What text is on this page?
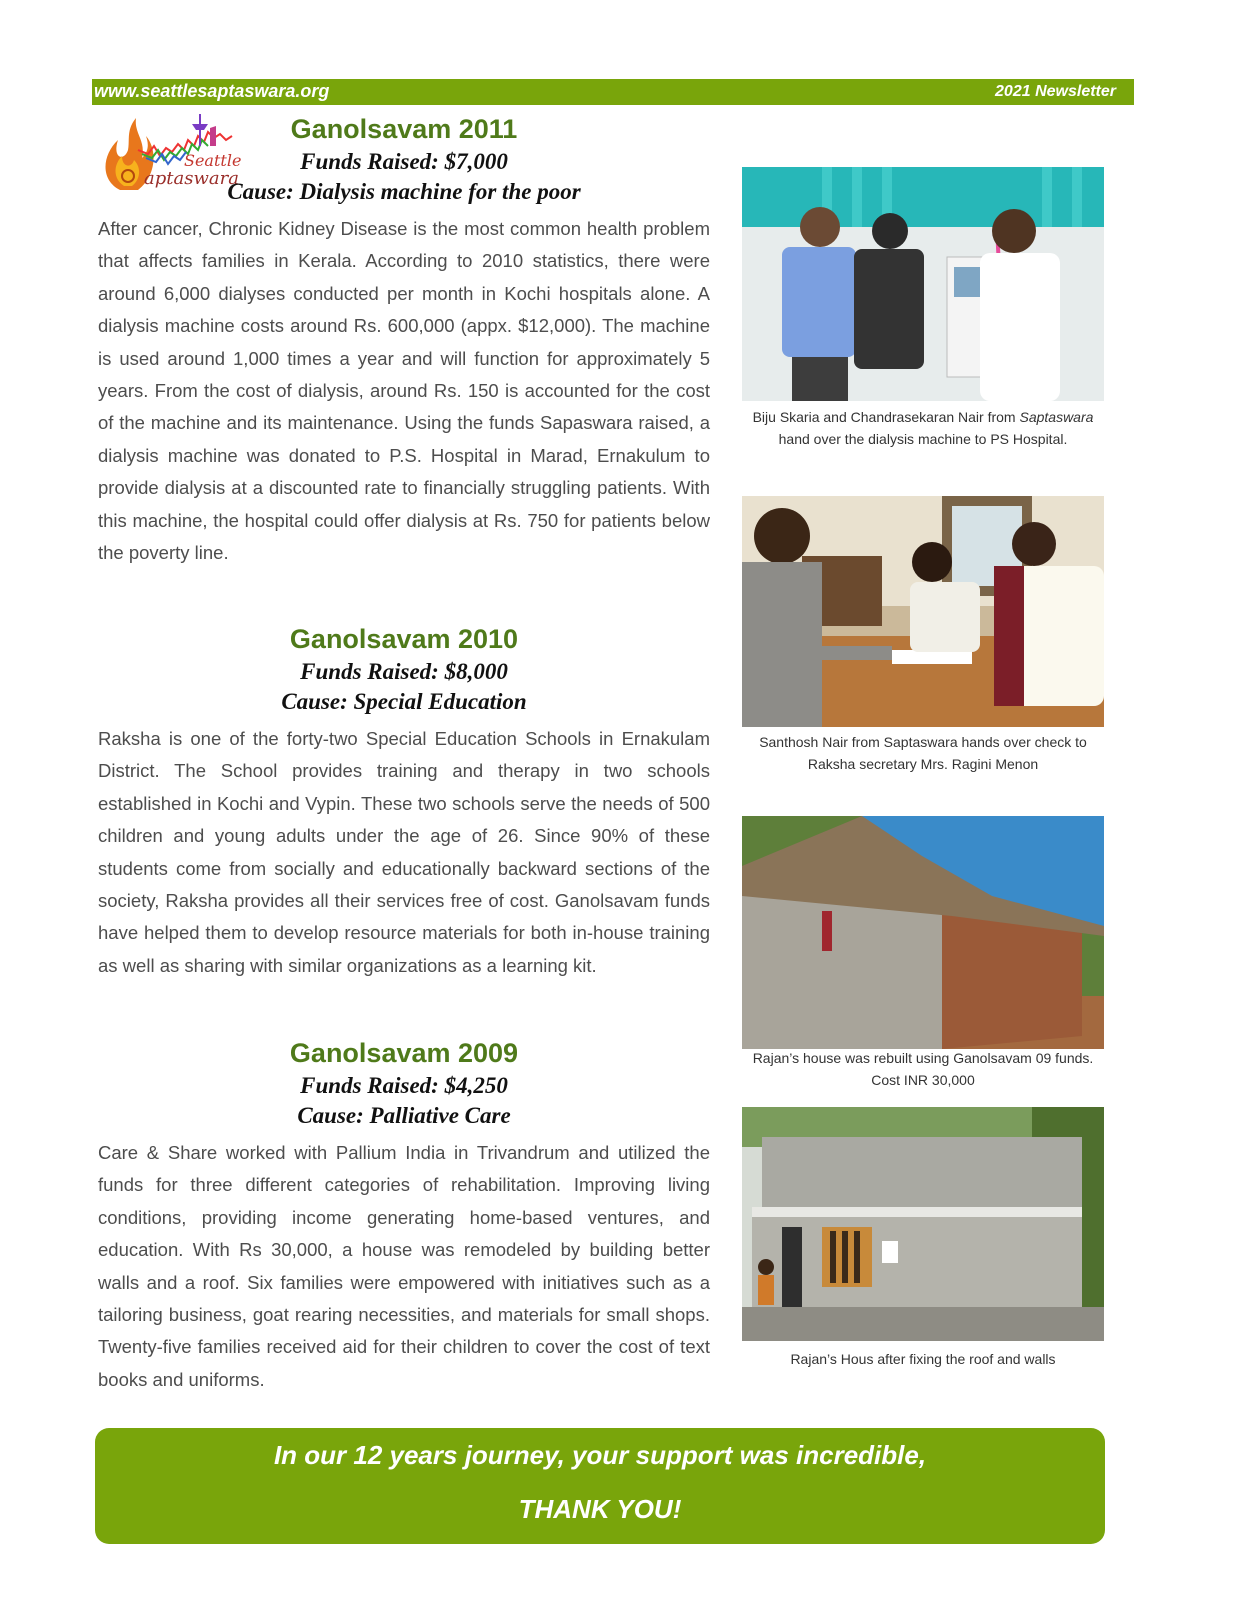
www.seattlesaptaswara.org	2021 Newsletter
Seattle
aptaswara
Ganolsavam 2011
Funds Raised: $7,000
Cause: Dialysis machine for the poor

After cancer, Chronic Kidney Disease is the most common health problem that affects families in Kerala. According to 2010 statistics, there were around 6,000 dialyses conducted per month in Kochi hospitals alone. A dialysis machine costs around Rs. 600,000 (appx. $12,000). The machine is used around 1,000 times a year and will function for approximately 5 years. From the cost of dialysis, around Rs. 150 is accounted for the cost of the machine and its maintenance. Using the funds Sapaswara raised, a dialysis machine was donated to P.S. Hospital in Marad, Ernakulum to provide dialysis at a discounted rate to financially struggling patients. With this machine, the hospital could offer dialysis at Rs. 750 for patients below the poverty line.

Ganolsavam 2010
Funds Raised: $8,000
Cause: Special Education

Raksha is one of the forty-two Special Education Schools in Ernakulam District. The School provides training and therapy in two schools established in Kochi and Vypin. These two schools serve the needs of 500 children and young adults under the age of 26. Since 90% of these students come from socially and educationally backward sections of the society, Raksha provides all their services free of cost. Ganolsavam funds have helped them to develop resource materials for both in-house training as well as sharing with similar organizations as a learning kit.

Ganolsavam 2009
Funds Raised: $4,250
Cause: Palliative Care

Care & Share worked with Pallium India in Trivandrum and utilized the funds for three different categories of rehabilitation. Improving living conditions, providing income generating home-based ventures, and education. With Rs 30,000, a house was remodeled by building better walls and a roof. Six families were empowered with initiatives such as a tailoring business, goat rearing necessities, and materials for small shops. Twenty-five families received aid for their children to cover the cost of text books and uniforms.

Biju Skaria and Chandrasekaran Nair from Saptaswara hand over the dialysis machine to PS Hospital.
Santhosh Nair from Saptaswara hands over check to Raksha secretary Mrs. Ragini Menon
Rajan’s house was rebuilt using Ganolsavam 09 funds. Cost INR 30,000
Rajan’s Hous after fixing the roof and walls
In our 12 years journey, your support was incredible,
THANK YOU!
